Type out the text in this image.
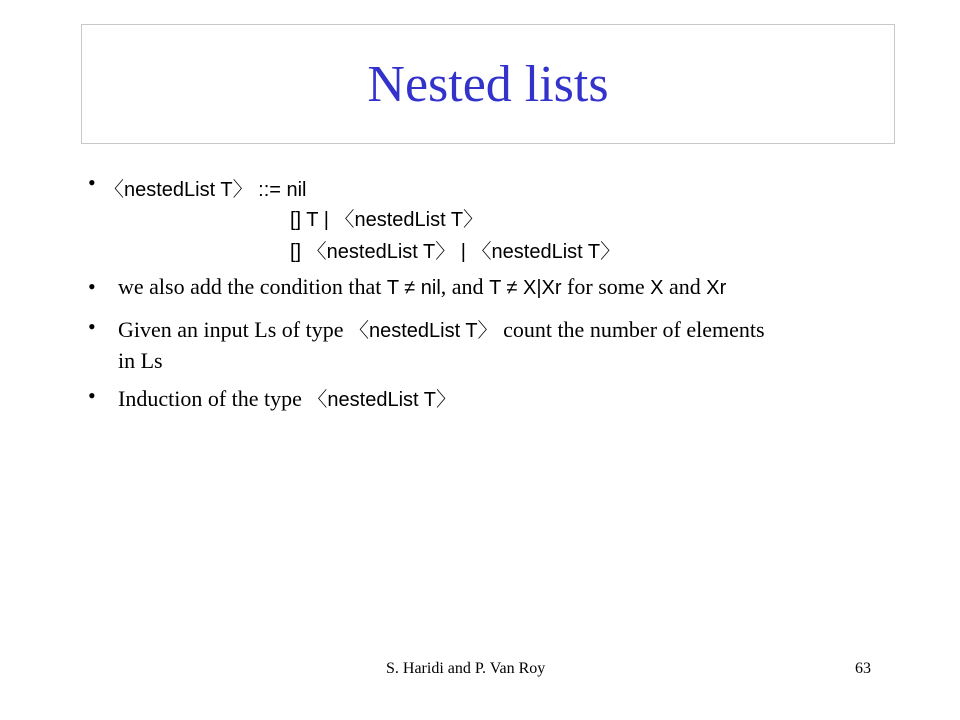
Nested lists
• 〈nestedList T〉 ::= nil
[] T | 〈nestedList T〉
[] 〈nestedList T〉 | 〈nestedList T〉
• we also add the condition that T ≠ nil, and T ≠ X|Xr for some X and Xr
• Given an input Ls of type 〈nestedList T〉 count the number of elements
in Ls
• Induction of the type 〈nestedList T〉
S. Haridi and P. Van Roy	63
